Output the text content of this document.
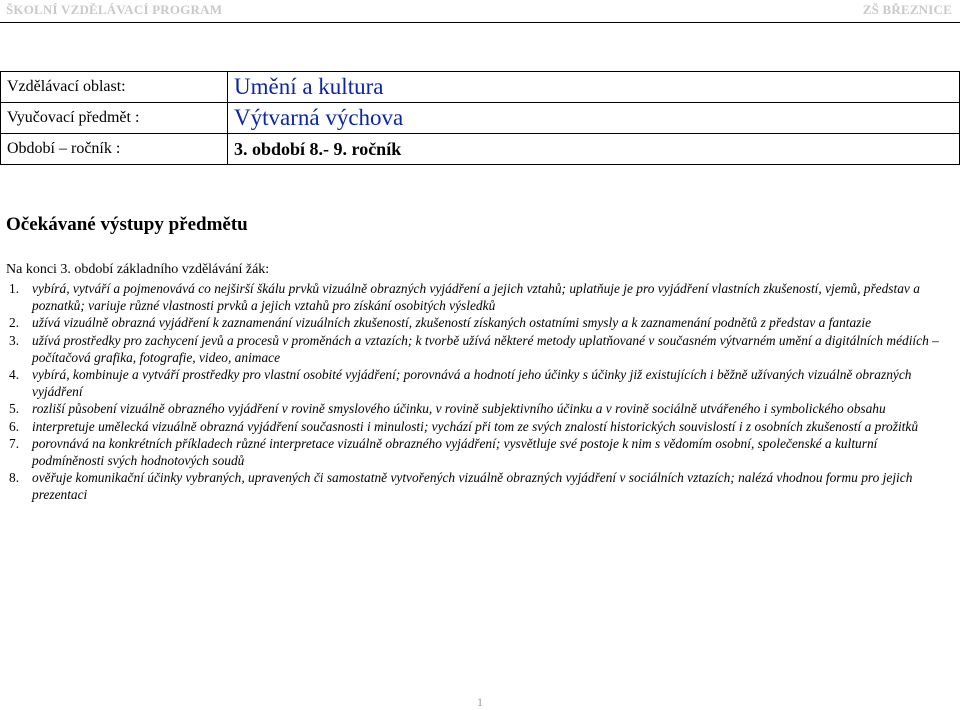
ŠKOLNÍ VZDĚLÁVACÍ PROGRAM	ZŠ BŘEZNICE
Vzdělávací oblast:	Umění a kultura
Vyučovací předmět :	Výtvarná výchova
Období – ročník :	3. období 8.- 9. ročník
Očekávané výstupy předmětu
Na konci 3. období základního vzdělávání žák:
1. vybírá, vytváří a pojmenovává co nejširší škálu prvků vizuálně obrazných vyjádření a jejich vztahů; uplatňuje je pro vyjádření vlastních zkušeností, vjemů, představ a poznatků; variuje různé vlastnosti prvků a jejich vztahů pro získání osobitých výsledků
2. užívá vizuálně obrazná vyjádření k zaznamenání vizuálních zkušeností, zkušeností získaných ostatními smysly a k zaznamenání podnětů z představ a fantazie
3. užívá prostředky pro zachycení jevů a procesů v proměnách a vztazích; k tvorbě užívá některé metody uplatňované v současném výtvarném umění a digitálních médiích – počítačová grafika, fotografie, video, animace
4. vybírá, kombinuje a vytváří prostředky pro vlastní osobité vyjádření; porovnává a hodnotí jeho účinky s účinky již existujících i běžně užívaných vizuálně obrazných vyjádření
5. rozliší působení vizuálně obrazného vyjádření v rovině smyslového účinku, v rovině subjektivního účinku a v rovině sociálně utvářeného i symbolického obsahu
6. interpretuje umělecká vizuálně obrazná vyjádření současnosti i minulosti; vychází při tom ze svých znalostí historických souvislostí i z osobních zkušeností a prožitků
7. porovnává na konkrétních příkladech různé interpretace vizuálně obrazného vyjádření; vysvětluje své postoje k nim s vědomím osobní, společenské a kulturní podmíněnosti svých hodnotových soudů
8. ověřuje komunikační účinky vybraných, upravených či samostatně vytvořených vizuálně obrazných vyjádření v sociálních vztazích; nalézá vhodnou formu pro jejich prezentaci
1
